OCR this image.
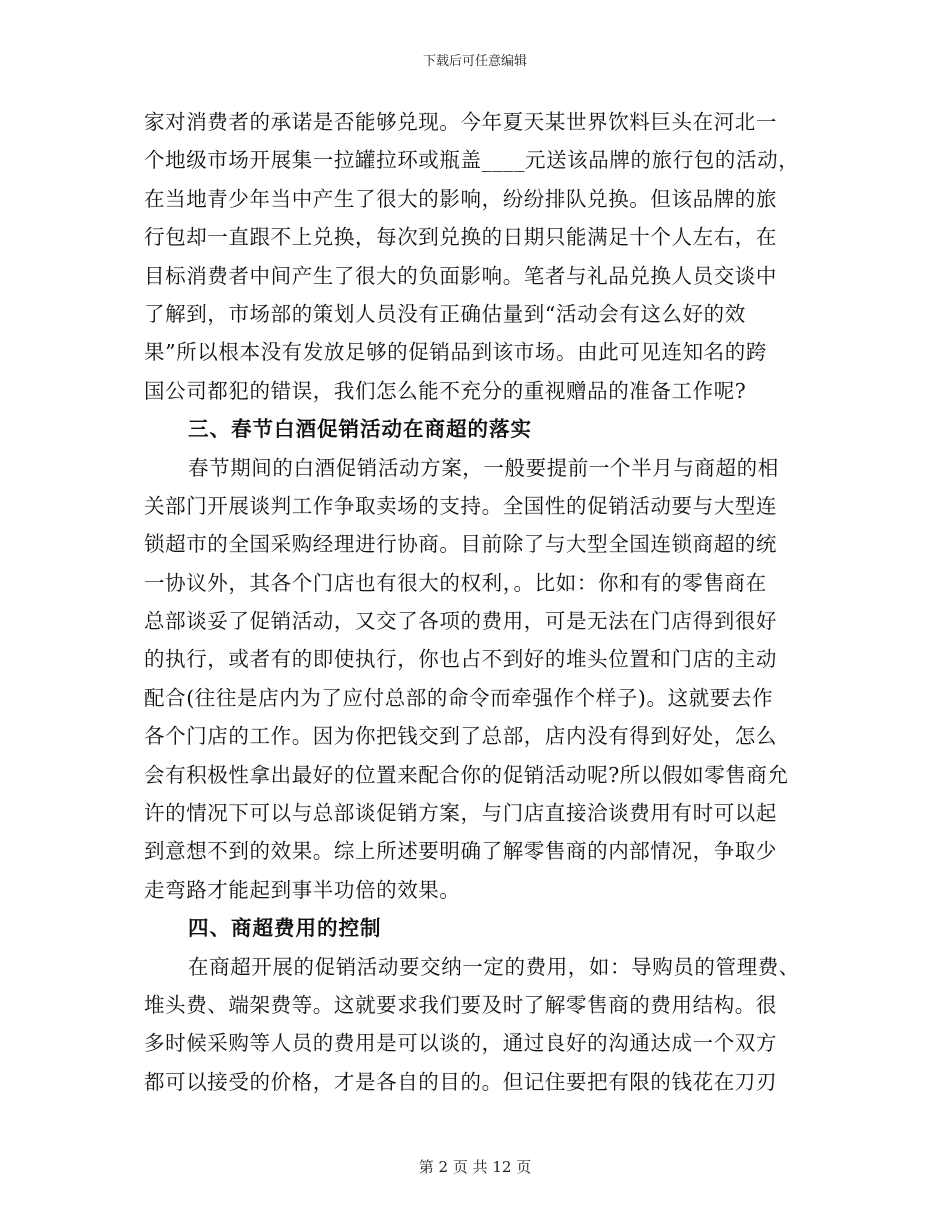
下载后可任意编辑
家对消费者的承诺是否能够兑现。今年夏天某世界饮料巨头在河北一
个地级市场开展集一拉罐拉环或瓶盖____元送该品牌的旅行包的活动，
在当地青少年当中产生了很大的影响，纷纷排队兑换。但该品牌的旅
行包却一直跟不上兑换，每次到兑换的日期只能满足十个人左右，在
目标消费者中间产生了很大的负面影响。笔者与礼品兑换人员交谈中
了解到，市场部的策划人员没有正确估量到“活动会有这么好的效
果”所以根本没有发放足够的促销品到该市场。由此可见连知名的跨
国公司都犯的错误，我们怎么能不充分的重视赠品的准备工作呢?
三、春节白酒促销活动在商超的落实
春节期间的白酒促销活动方案，一般要提前一个半月与商超的相
关部门开展谈判工作争取卖场的支持。全国性的促销活动要与大型连
锁超市的全国采购经理进行协商。目前除了与大型全国连锁商超的统
一协议外，其各个门店也有很大的权利，。比如：你和有的零售商在
总部谈妥了促销活动，又交了各项的费用，可是无法在门店得到很好
的执行，或者有的即使执行，你也占不到好的堆头位置和门店的主动
配合(往往是店内为了应付总部的命令而牵强作个样子)。这就要去作
各个门店的工作。因为你把钱交到了总部，店内没有得到好处，怎么
会有积极性拿出最好的位置来配合你的促销活动呢?所以假如零售商允
许的情况下可以与总部谈促销方案，与门店直接洽谈费用有时可以起
到意想不到的效果。综上所述要明确了解零售商的内部情况，争取少
走弯路才能起到事半功倍的效果。
四、商超费用的控制
在商超开展的促销活动要交纳一定的费用，如：导购员的管理费、
堆头费、端架费等。这就要求我们要及时了解零售商的费用结构。很
多时候采购等人员的费用是可以谈的，通过良好的沟通达成一个双方
都可以接受的价格，才是各自的目的。但记住要把有限的钱花在刀刃
第 2 页 共 12 页
